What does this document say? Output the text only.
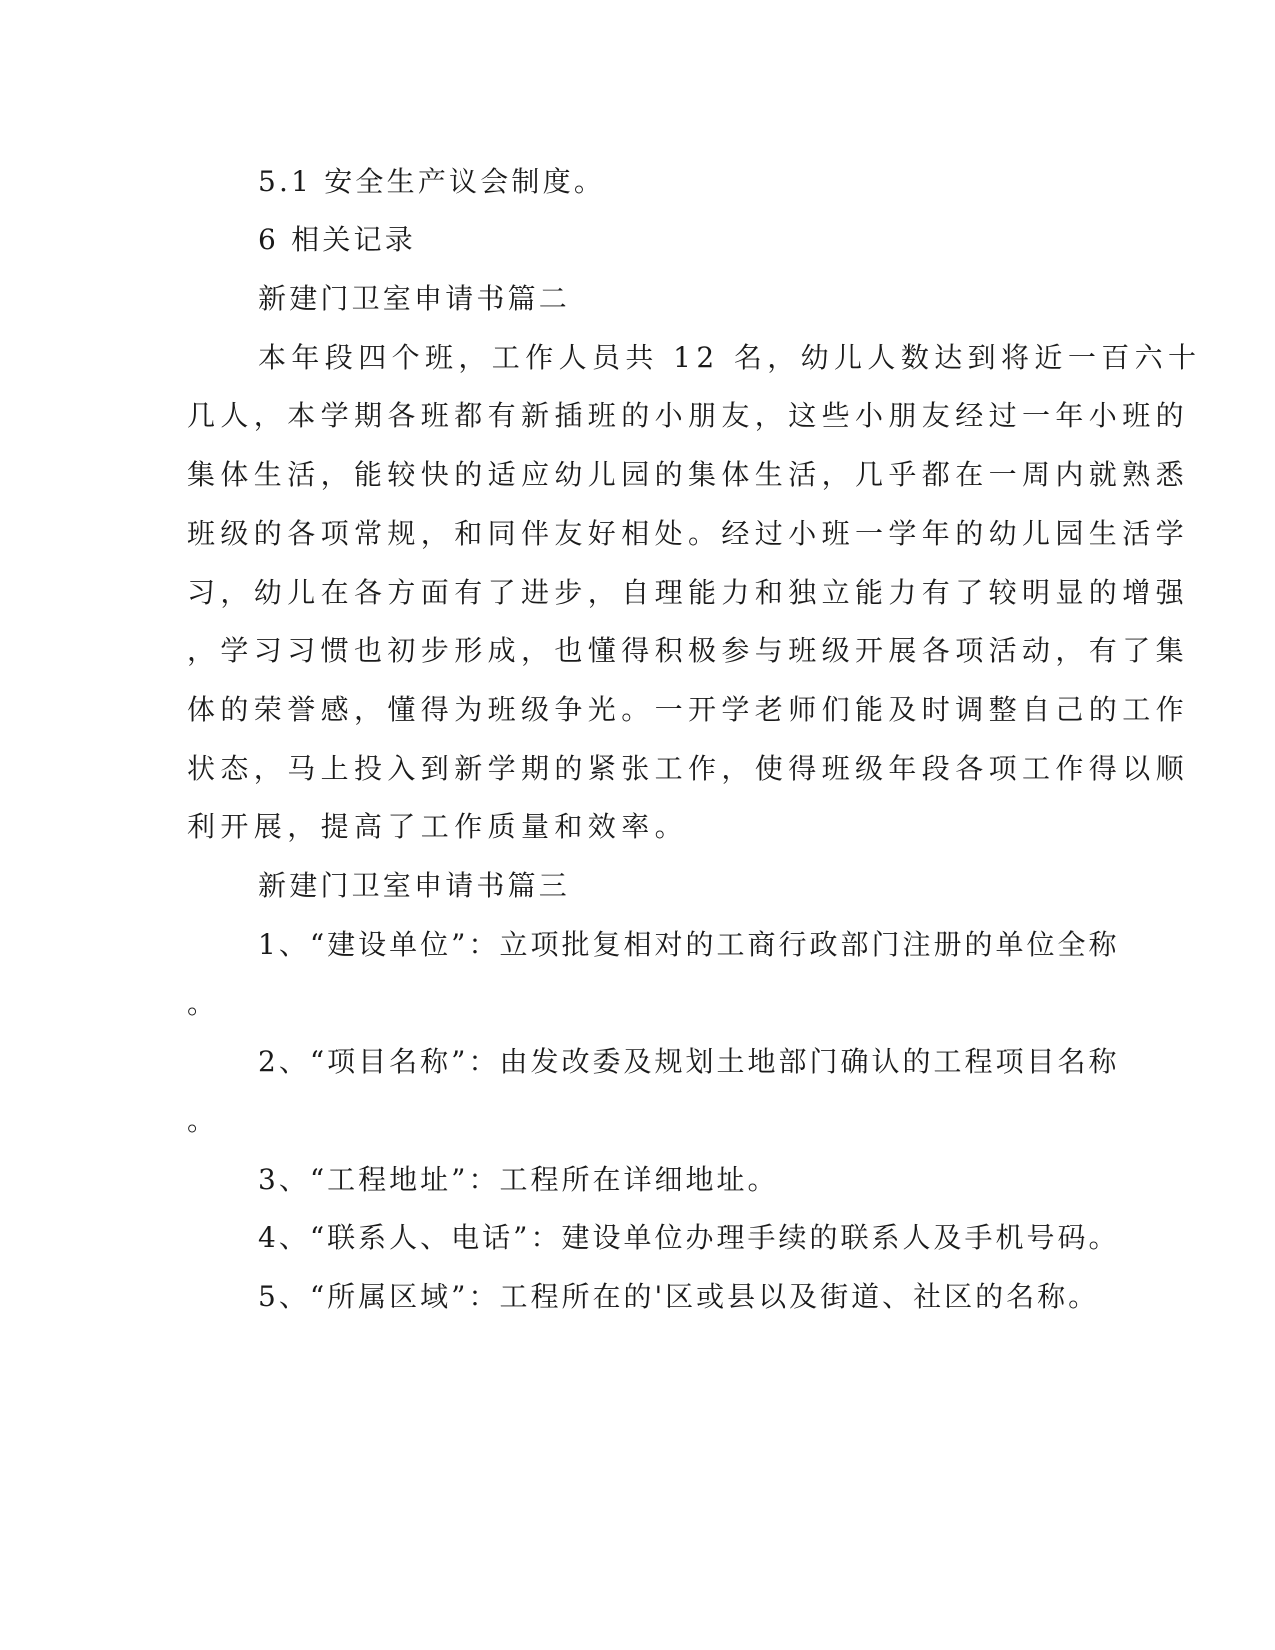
5.1 安全生产议会制度。
6 相关记录
新建门卫室申请书篇二
本年段四个班，工作人员共 12 名，幼儿人数达到将近一百六十
几人，本学期各班都有新插班的小朋友，这些小朋友经过一年小班的
集体生活，能较快的适应幼儿园的集体生活，几乎都在一周内就熟悉
班级的各项常规，和同伴友好相处。经过小班一学年的幼儿园生活学
习，幼儿在各方面有了进步，自理能力和独立能力有了较明显的增强
，学习习惯也初步形成，也懂得积极参与班级开展各项活动，有了集
体的荣誉感，懂得为班级争光。一开学老师们能及时调整自己的工作
状态，马上投入到新学期的紧张工作，使得班级年段各项工作得以顺
利开展，提高了工作质量和效率。
新建门卫室申请书篇三
1、“建设单位”：立项批复相对的工商行政部门注册的单位全称
。
2、“项目名称”：由发改委及规划土地部门确认的工程项目名称
。
3、“工程地址”：工程所在详细地址。
4、“联系人、电话”：建设单位办理手续的联系人及手机号码。
5、“所属区域”：工程所在的'区或县以及街道、社区的名称。
